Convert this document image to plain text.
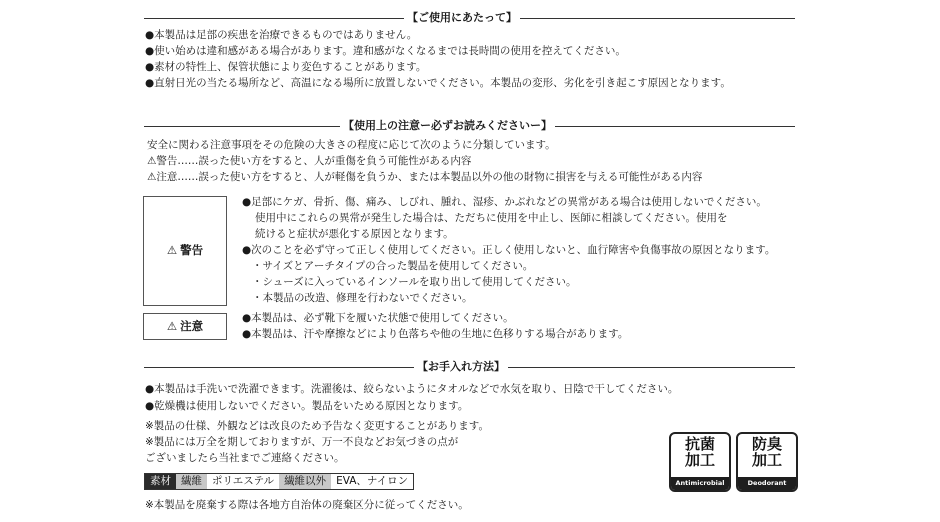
【ご使用にあたって】
●本製品は足部の疾患を治療できるものではありません。
●使い始めは違和感がある場合があります。違和感がなくなるまでは長時間の使用を控えてください。
●素材の特性上、保管状態により変色することがあります。
●直射日光の当たる場所など、高温になる場所に放置しないでください。本製品の変形、劣化を引き起こす原因となります。
【使用上の注意ー必ずお読みくださいー】
安全に関わる注意事項をその危険の大きさの程度に応じて次のように分類しています。
⚠警告……誤った使い方をすると、人が重傷を負う可能性がある内容
⚠注意……誤った使い方をすると、人が軽傷を負うか、または本製品以外の他の財物に損害を与える可能性がある内容
⚠ 警告
●足部にケガ、骨折、傷、痛み、しびれ、腫れ、湿疹、かぶれなどの異常がある場合は使用しないでください。
使用中にこれらの異常が発生した場合は、ただちに使用を中止し、医師に相談してください。使用を
続けると症状が悪化する原因となります。
●次のことを必ず守って正しく使用してください。正しく使用しないと、血行障害や負傷事故の原因となります。
・サイズとアーチタイプの合った製品を使用してください。
・シューズに入っているインソールを取り出して使用してください。
・本製品の改造、修理を行わないでください。
⚠ 注意
●本製品は、必ず靴下を履いた状態で使用してください。
●本製品は、汗や摩擦などにより色落ちや他の生地に色移りする場合があります。
【お手入れ方法】
●本製品は手洗いで洗濯できます。洗濯後は、絞らないようにタオルなどで水気を取り、日陰で干してください。
●乾燥機は使用しないでください。製品をいためる原因となります。
※製品の仕様、外観などは改良のため予告なく変更することがあります。
※製品には万全を期しておりますが、万一不良などお気づきの点が
ございましたら当社までご連絡ください。
素材 繊維 ポリエステル 繊維以外 EVA、ナイロン
※本製品を廃棄する際は各地方自治体の廃棄区分に従ってください。
抗菌
加工
Antimicrobial
防臭
加工
Deodorant
